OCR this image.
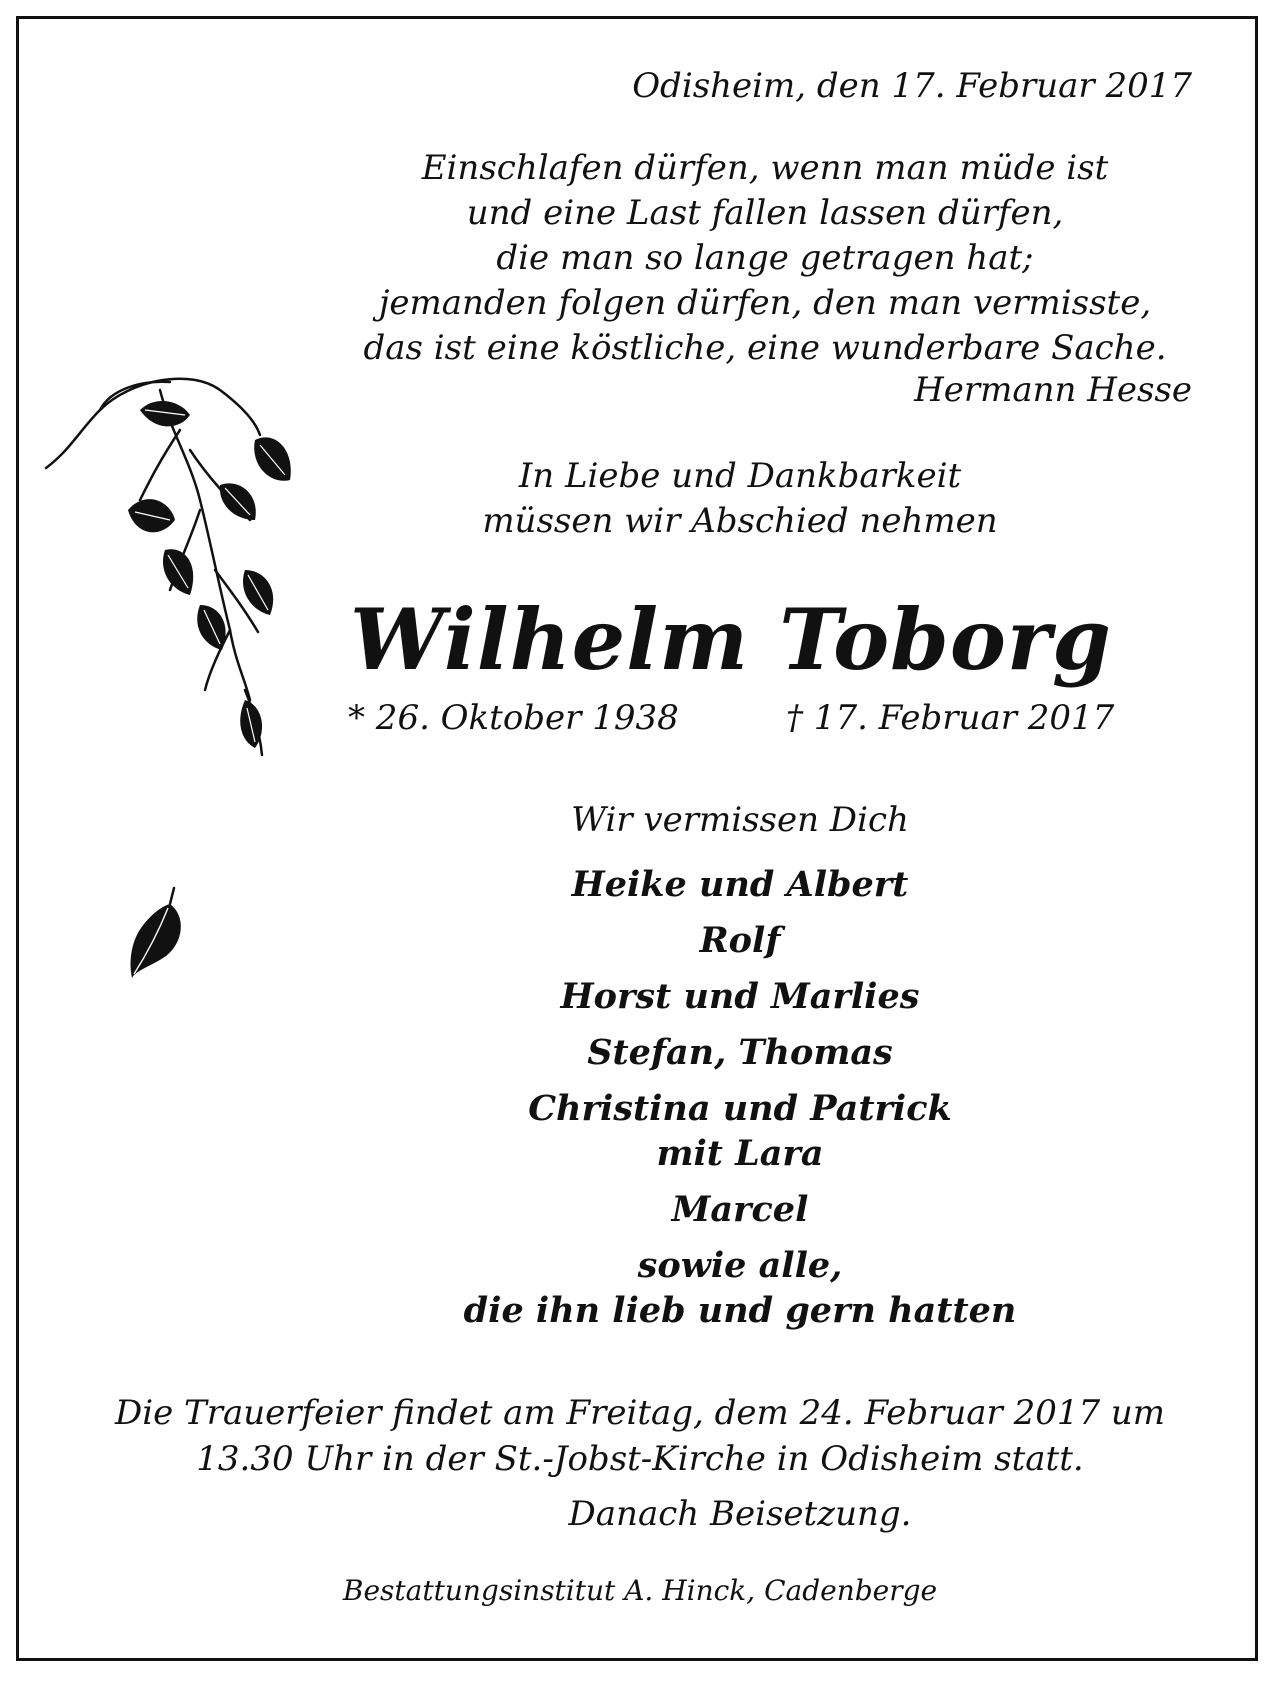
Odisheim, den 17. Februar 2017
Einschlafen dürfen, wenn man müde ist
und eine Last fallen lassen dürfen,
die man so lange getragen hat;
jemanden folgen dürfen, den man vermisste,
das ist eine köstliche, eine wunderbare Sache.
Hermann Hesse
In Liebe und Dankbarkeit
müssen wir Abschied nehmen
Wilhelm Toborg
* 26. Oktober 1938	† 17. Februar 2017
Wir vermissen Dich
Heike und Albert
Rolf
Horst und Marlies
Stefan, Thomas
Christina und Patrick
mit Lara
Marcel
sowie alle,
die ihn lieb und gern hatten
Die Trauerfeier findet am Freitag, dem 24. Februar 2017 um
13.30 Uhr in der St.-Jobst-Kirche in Odisheim statt.
Danach Beisetzung.
Bestattungsinstitut A. Hinck, Cadenberge
